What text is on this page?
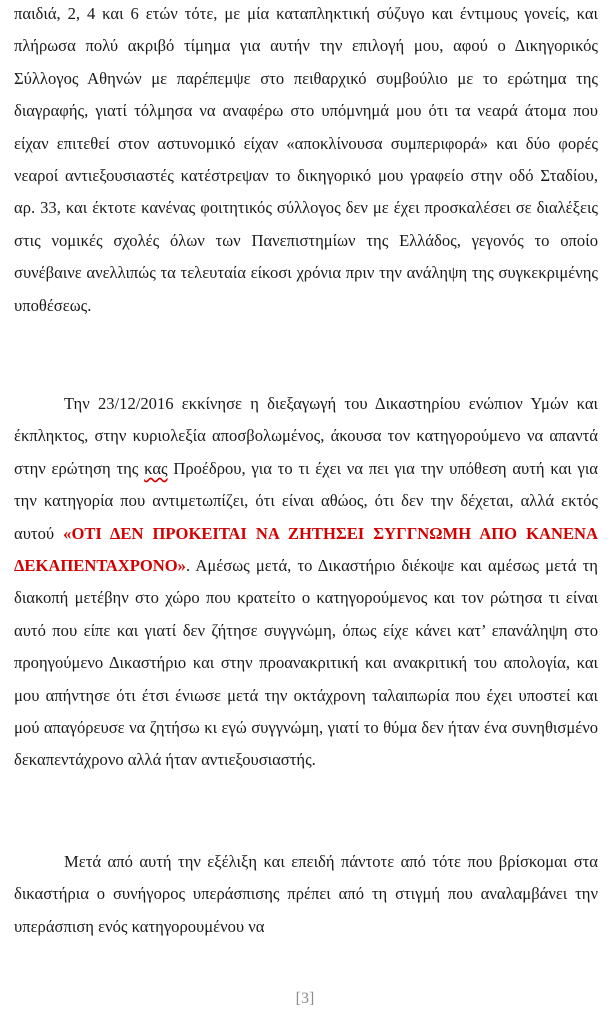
παιδιά, 2, 4 και 6 ετών τότε, με μία καταπληκτική σύζυγο και έντιμους γονείς, και πλήρωσα πολύ ακριβό τίμημα για αυτήν την επιλογή μου, αφού ο Δικηγορικός Σύλλογος Αθηνών με παρέπεμψε στο πειθαρχικό συμβούλιο με το ερώτημα της διαγραφής, γιατί τόλμησα να αναφέρω στο υπόμνημά μου ότι τα νεαρά άτομα που είχαν επιτεθεί στον αστυνομικό είχαν «αποκλίνουσα συμπεριφορά» και δύο φορές νεαροί αντιεξουσιαστές κατέστρεψαν το δικηγορικό μου γραφείο στην οδό Σταδίου, αρ. 33, και έκτοτε κανένας φοιτητικός σύλλογος δεν με έχει προσκαλέσει σε διαλέξεις στις νομικές σχολές όλων των Πανεπιστημίων της Ελλάδος, γεγονός το οποίο συνέβαινε ανελλιπώς τα τελευταία είκοσι χρόνια πριν την ανάληψη της συγκεκριμένης υποθέσεως.

Την 23/12/2016 εκκίνησε η διεξαγωγή του Δικαστηρίου ενώπιον Υμών και έκπληκτος, στην κυριολεξία αποσβολωμένος, άκουσα τον κατηγορούμενο να απαντά στην ερώτηση της κας Προέδρου, για το τι έχει να πει για την υπόθεση αυτή και για την κατηγορία που αντιμετωπίζει, ότι είναι αθώος, ότι δεν την δέχεται, αλλά εκτός αυτού «ΟΤΙ ΔΕΝ ΠΡΟΚΕΙΤΑΙ ΝΑ ΖΗΤΗΣΕΙ ΣΥΓΓΝΩΜΗ ΑΠΟ ΚΑΝΕΝΑ ΔΕΚΑΠΕΝΤΑΧΡΟΝΟ». Αμέσως μετά, το Δικαστήριο διέκοψε και αμέσως μετά τη διακοπή μετέβην στο χώρο που κρατείτο ο κατηγορούμενος και τον ρώτησα τι είναι αυτό που είπε και γιατί δεν ζήτησε συγγνώμη, όπως είχε κάνει κατ’ επανάληψη στο προηγούμενο Δικαστήριο και στην προανακριτική και ανακριτική του απολογία, και μου απήντησε ότι έτσι ένιωσε μετά την οκτάχρονη ταλαιπωρία που έχει υποστεί και μού απαγόρευσε να ζητήσω κι εγώ συγγνώμη, γιατί το θύμα δεν ήταν ένα συνηθισμένο δεκαπεντάχρονο αλλά ήταν αντιεξουσιαστής.

Μετά από αυτή την εξέλιξη και επειδή πάντοτε από τότε που βρίσκομαι στα δικαστήρια ο συνήγορος υπεράσπισης πρέπει από τη στιγμή που αναλαμβάνει την υπεράσπιση ενός κατηγορουμένου να

[3]
